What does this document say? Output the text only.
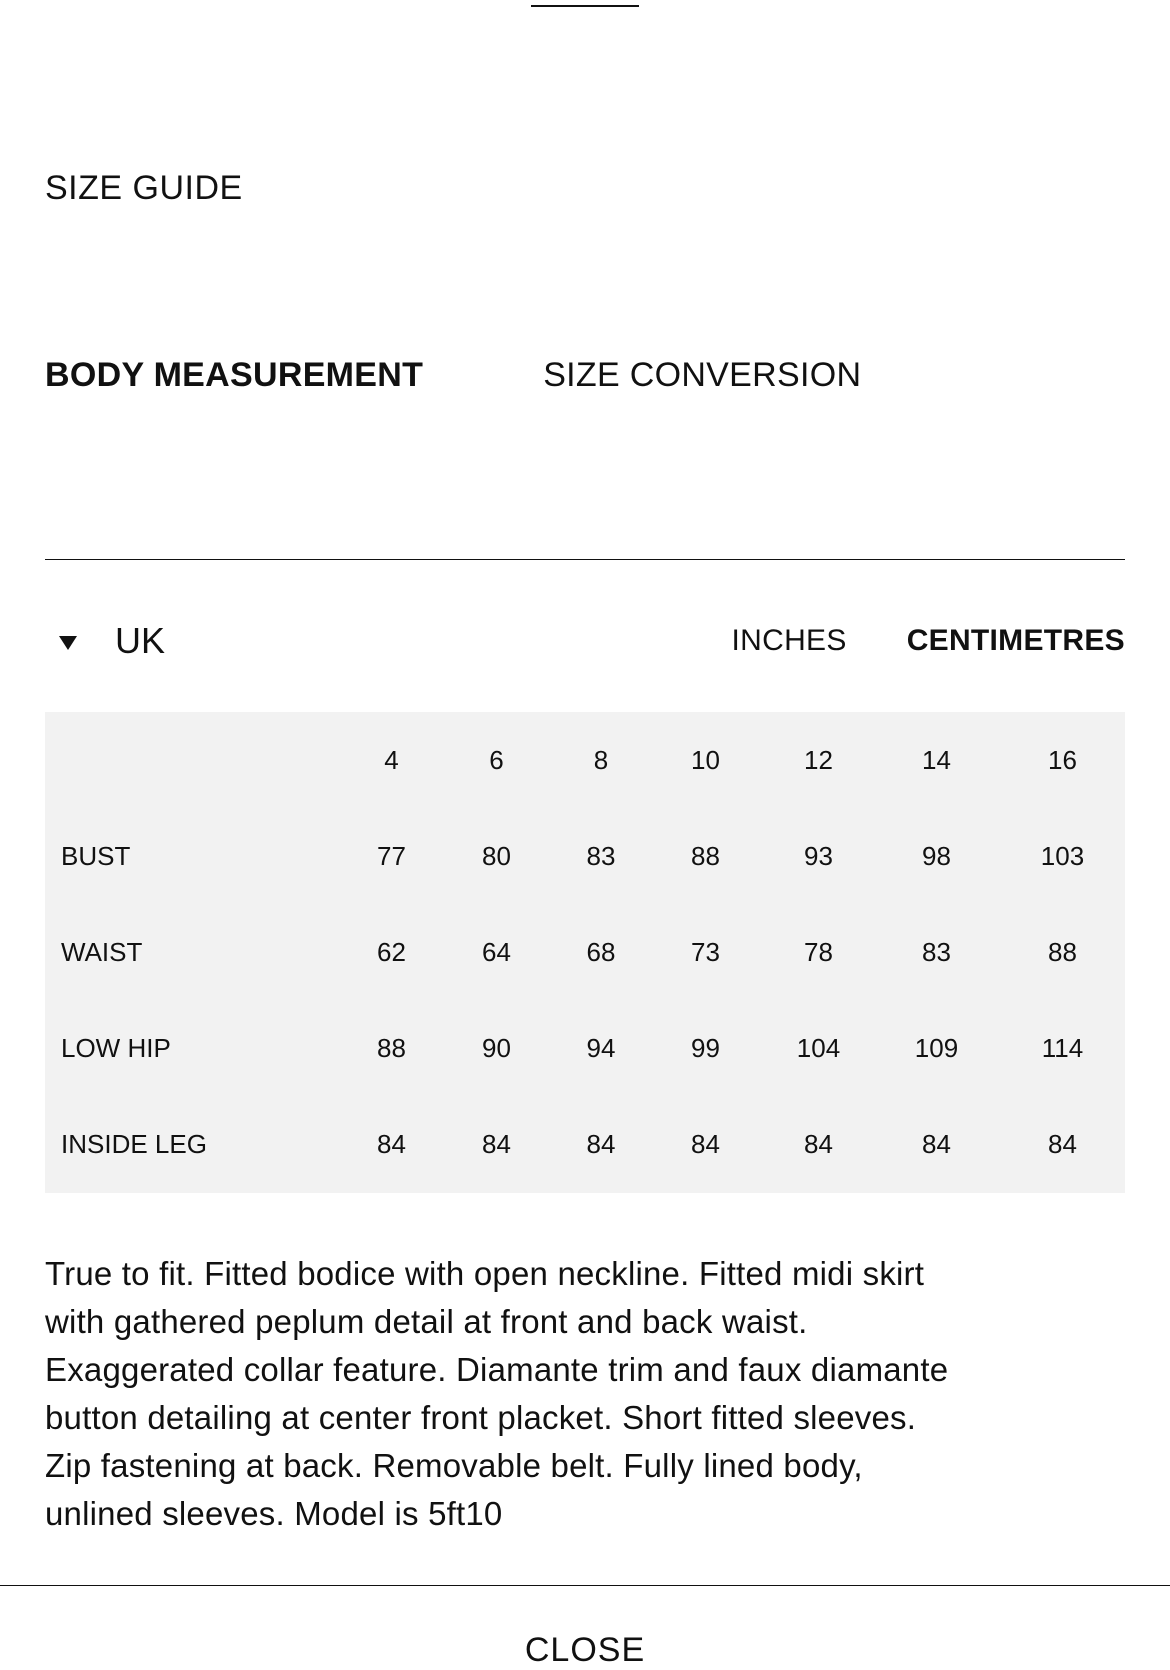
SIZE GUIDE
BODY MEASUREMENT	SIZE CONVERSION
UK	INCHES CENTIMETRES
	4	6	8	10	12	14	16
BUST	77	80	83	88	93	98	103
WAIST	62	64	68	73	78	83	88
LOW HIP	88	90	94	99	104	109	114
INSIDE LEG	84	84	84	84	84	84	84

True to fit. Fitted bodice with open neckline. Fitted midi skirt with gathered peplum detail at front and back waist. Exaggerated collar feature. Diamante trim and faux diamante button detailing at center front placket. Short fitted sleeves. Zip fastening at back. Removable belt. Fully lined body, unlined sleeves. Model is 5ft10

CLOSE
